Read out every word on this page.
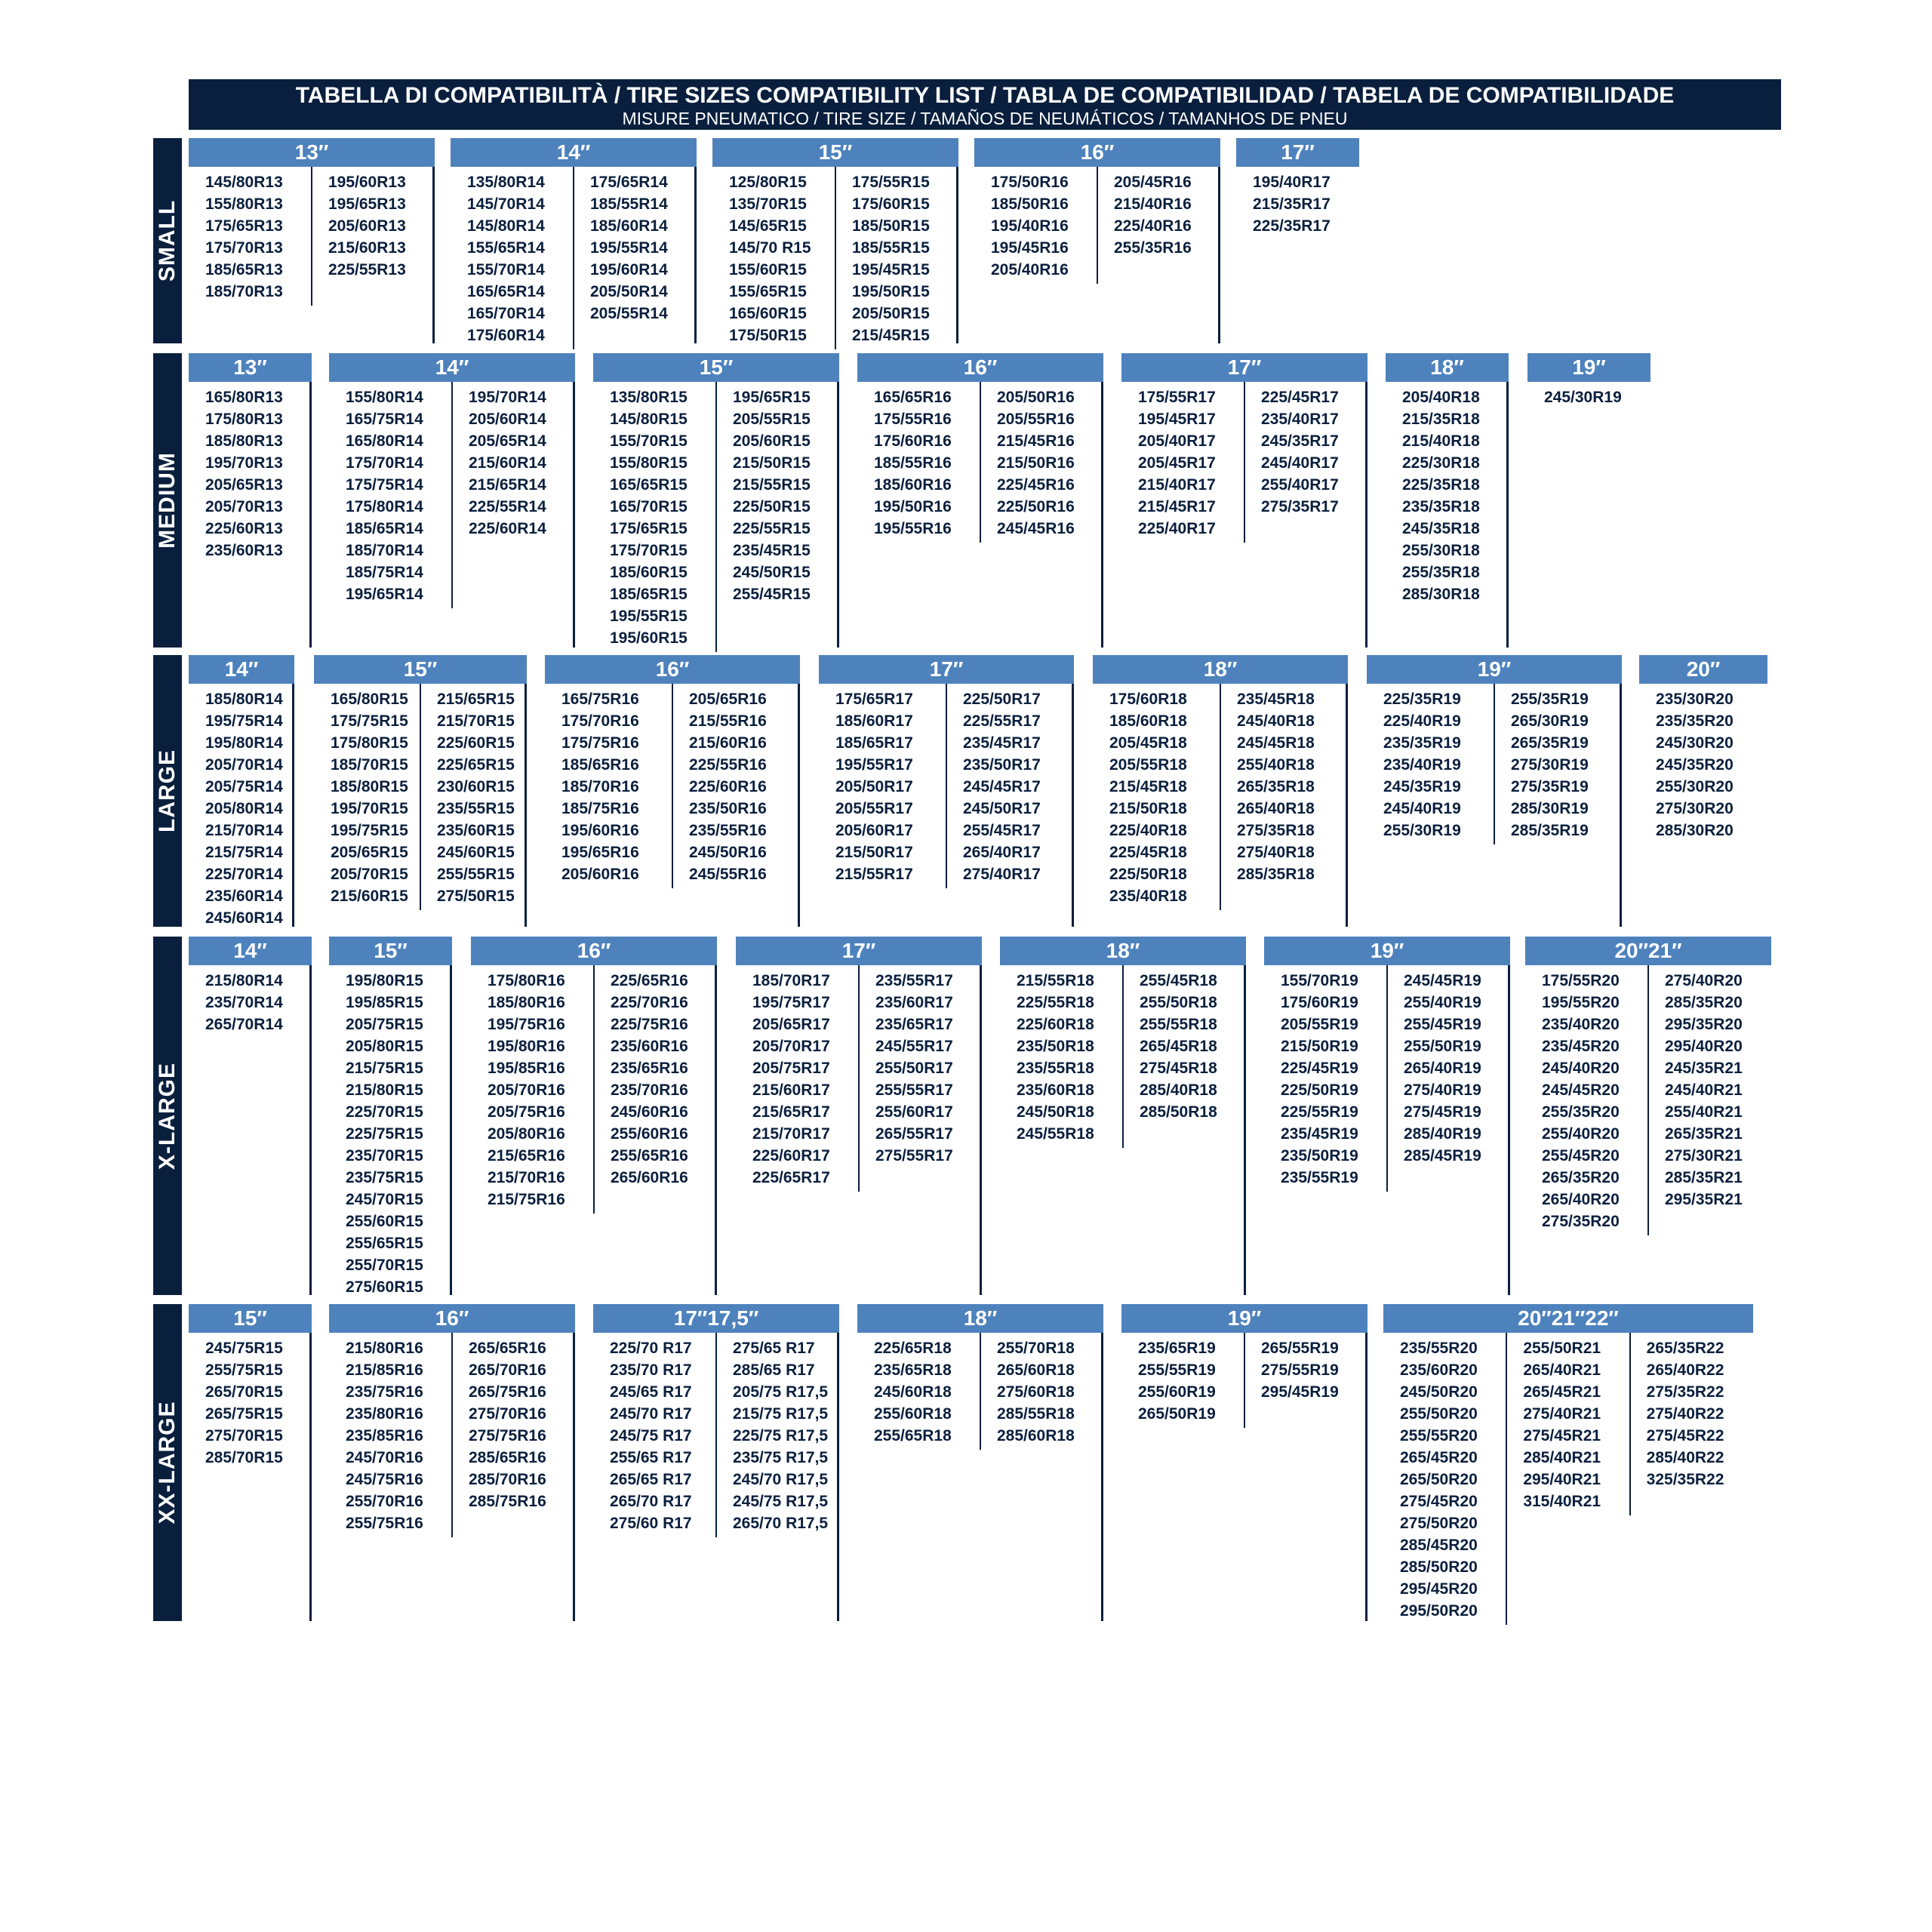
TABELLA DI COMPATIBILITÀ / TIRE SIZES COMPATIBILITY LIST / TABLA DE COMPATIBILIDAD / TABELA DE COMPATIBILIDADE
MISURE PNEUMATICO / TIRE SIZE / TAMAÑOS DE NEUMÁTICOS / TAMANHOS DE PNEU
SMALL
13″
145/80R13
155/80R13
175/65R13
175/70R13
185/65R13
185/70R13
195/60R13
195/65R13
205/60R13
215/60R13
225/55R13
14″
135/80R14
145/70R14
145/80R14
155/65R14
155/70R14
165/65R14
165/70R14
175/60R14
175/65R14
185/55R14
185/60R14
195/55R14
195/60R14
205/50R14
205/55R14
15″
125/80R15
135/70R15
145/65R15
145/70 R15
155/60R15
155/65R15
165/60R15
175/50R15
175/55R15
175/60R15
185/50R15
185/55R15
195/45R15
195/50R15
205/50R15
215/45R15
16″
175/50R16
185/50R16
195/40R16
195/45R16
205/40R16
205/45R16
215/40R16
225/40R16
255/35R16
17″
195/40R17
215/35R17
225/35R17
MEDIUM
13″
165/80R13
175/80R13
185/80R13
195/70R13
205/65R13
205/70R13
225/60R13
235/60R13
14″
155/80R14
165/75R14
165/80R14
175/70R14
175/75R14
175/80R14
185/65R14
185/70R14
185/75R14
195/65R14
195/70R14
205/60R14
205/65R14
215/60R14
215/65R14
225/55R14
225/60R14
15″
135/80R15
145/80R15
155/70R15
155/80R15
165/65R15
165/70R15
175/65R15
175/70R15
185/60R15
185/65R15
195/55R15
195/60R15
195/65R15
205/55R15
205/60R15
215/50R15
215/55R15
225/50R15
225/55R15
235/45R15
245/50R15
255/45R15
16″
165/65R16
175/55R16
175/60R16
185/55R16
185/60R16
195/50R16
195/55R16
205/50R16
205/55R16
215/45R16
215/50R16
225/45R16
225/50R16
245/45R16
17″
175/55R17
195/45R17
205/40R17
205/45R17
215/40R17
215/45R17
225/40R17
225/45R17
235/40R17
245/35R17
245/40R17
255/40R17
275/35R17
18″
205/40R18
215/35R18
215/40R18
225/30R18
225/35R18
235/35R18
245/35R18
255/30R18
255/35R18
285/30R18
19″
245/30R19
LARGE
14″
185/80R14
195/75R14
195/80R14
205/70R14
205/75R14
205/80R14
215/70R14
215/75R14
225/70R14
235/60R14
245/60R14
15″
165/80R15
175/75R15
175/80R15
185/70R15
185/80R15
195/70R15
195/75R15
205/65R15
205/70R15
215/60R15
215/65R15
215/70R15
225/60R15
225/65R15
230/60R15
235/55R15
235/60R15
245/60R15
255/55R15
275/50R15
16″
165/75R16
175/70R16
175/75R16
185/65R16
185/70R16
185/75R16
195/60R16
195/65R16
205/60R16
205/65R16
215/55R16
215/60R16
225/55R16
225/60R16
235/50R16
235/55R16
245/50R16
245/55R16
17″
175/65R17
185/60R17
185/65R17
195/55R17
205/50R17
205/55R17
205/60R17
215/50R17
215/55R17
225/50R17
225/55R17
235/45R17
235/50R17
245/45R17
245/50R17
255/45R17
265/40R17
275/40R17
18″
175/60R18
185/60R18
205/45R18
205/55R18
215/45R18
215/50R18
225/40R18
225/45R18
225/50R18
235/40R18
235/45R18
245/40R18
245/45R18
255/40R18
265/35R18
265/40R18
275/35R18
275/40R18
285/35R18
19″
225/35R19
225/40R19
235/35R19
235/40R19
245/35R19
245/40R19
255/30R19
255/35R19
265/30R19
265/35R19
275/30R19
275/35R19
285/30R19
285/35R19
20″
235/30R20
235/35R20
245/30R20
245/35R20
255/30R20
275/30R20
285/30R20
X-LARGE
14″
215/80R14
235/70R14
265/70R14
15″
195/80R15
195/85R15
205/75R15
205/80R15
215/75R15
215/80R15
225/70R15
225/75R15
235/70R15
235/75R15
245/70R15
255/60R15
255/65R15
255/70R15
275/60R15
16″
175/80R16
185/80R16
195/75R16
195/80R16
195/85R16
205/70R16
205/75R16
205/80R16
215/65R16
215/70R16
215/75R16
225/65R16
225/70R16
225/75R16
235/60R16
235/65R16
235/70R16
245/60R16
255/60R16
255/65R16
265/60R16
17″
185/70R17
195/75R17
205/65R17
205/70R17
205/75R17
215/60R17
215/65R17
215/70R17
225/60R17
225/65R17
235/55R17
235/60R17
235/65R17
245/55R17
255/50R17
255/55R17
255/60R17
265/55R17
275/55R17
18″
215/55R18
225/55R18
225/60R18
235/50R18
235/55R18
235/60R18
245/50R18
245/55R18
255/45R18
255/50R18
255/55R18
265/45R18
275/45R18
285/40R18
285/50R18
19″
155/70R19
175/60R19
205/55R19
215/50R19
225/45R19
225/50R19
225/55R19
235/45R19
235/50R19
235/55R19
245/45R19
255/40R19
255/45R19
255/50R19
265/40R19
275/40R19
275/45R19
285/40R19
285/45R19
20″21″
175/55R20
195/55R20
235/40R20
235/45R20
245/40R20
245/45R20
255/35R20
255/40R20
255/45R20
265/35R20
265/40R20
275/35R20
275/40R20
285/35R20
295/35R20
295/40R20
245/35R21
245/40R21
255/40R21
265/35R21
275/30R21
285/35R21
295/35R21
XX-LARGE
15″
245/75R15
255/75R15
265/70R15
265/75R15
275/70R15
285/70R15
16″
215/80R16
215/85R16
235/75R16
235/80R16
235/85R16
245/70R16
245/75R16
255/70R16
255/75R16
265/65R16
265/70R16
265/75R16
275/70R16
275/75R16
285/65R16
285/70R16
285/75R16
17″17,5″
225/70 R17
235/70 R17
245/65 R17
245/70 R17
245/75 R17
255/65 R17
265/65 R17
265/70 R17
275/60 R17
275/65 R17
285/65 R17
205/75 R17,5
215/75 R17,5
225/75 R17,5
235/75 R17,5
245/70 R17,5
245/75 R17,5
265/70 R17,5
18″
225/65R18
235/65R18
245/60R18
255/60R18
255/65R18
255/70R18
265/60R18
275/60R18
285/55R18
285/60R18
19″
235/65R19
255/55R19
255/60R19
265/50R19
265/55R19
275/55R19
295/45R19
20″21″22″
235/55R20
235/60R20
245/50R20
255/50R20
255/55R20
265/45R20
265/50R20
275/45R20
275/50R20
285/45R20
285/50R20
295/45R20
295/50R20
255/50R21
265/40R21
265/45R21
275/40R21
275/45R21
285/40R21
295/40R21
315/40R21
265/35R22
265/40R22
275/35R22
275/40R22
275/45R22
285/40R22
325/35R22
